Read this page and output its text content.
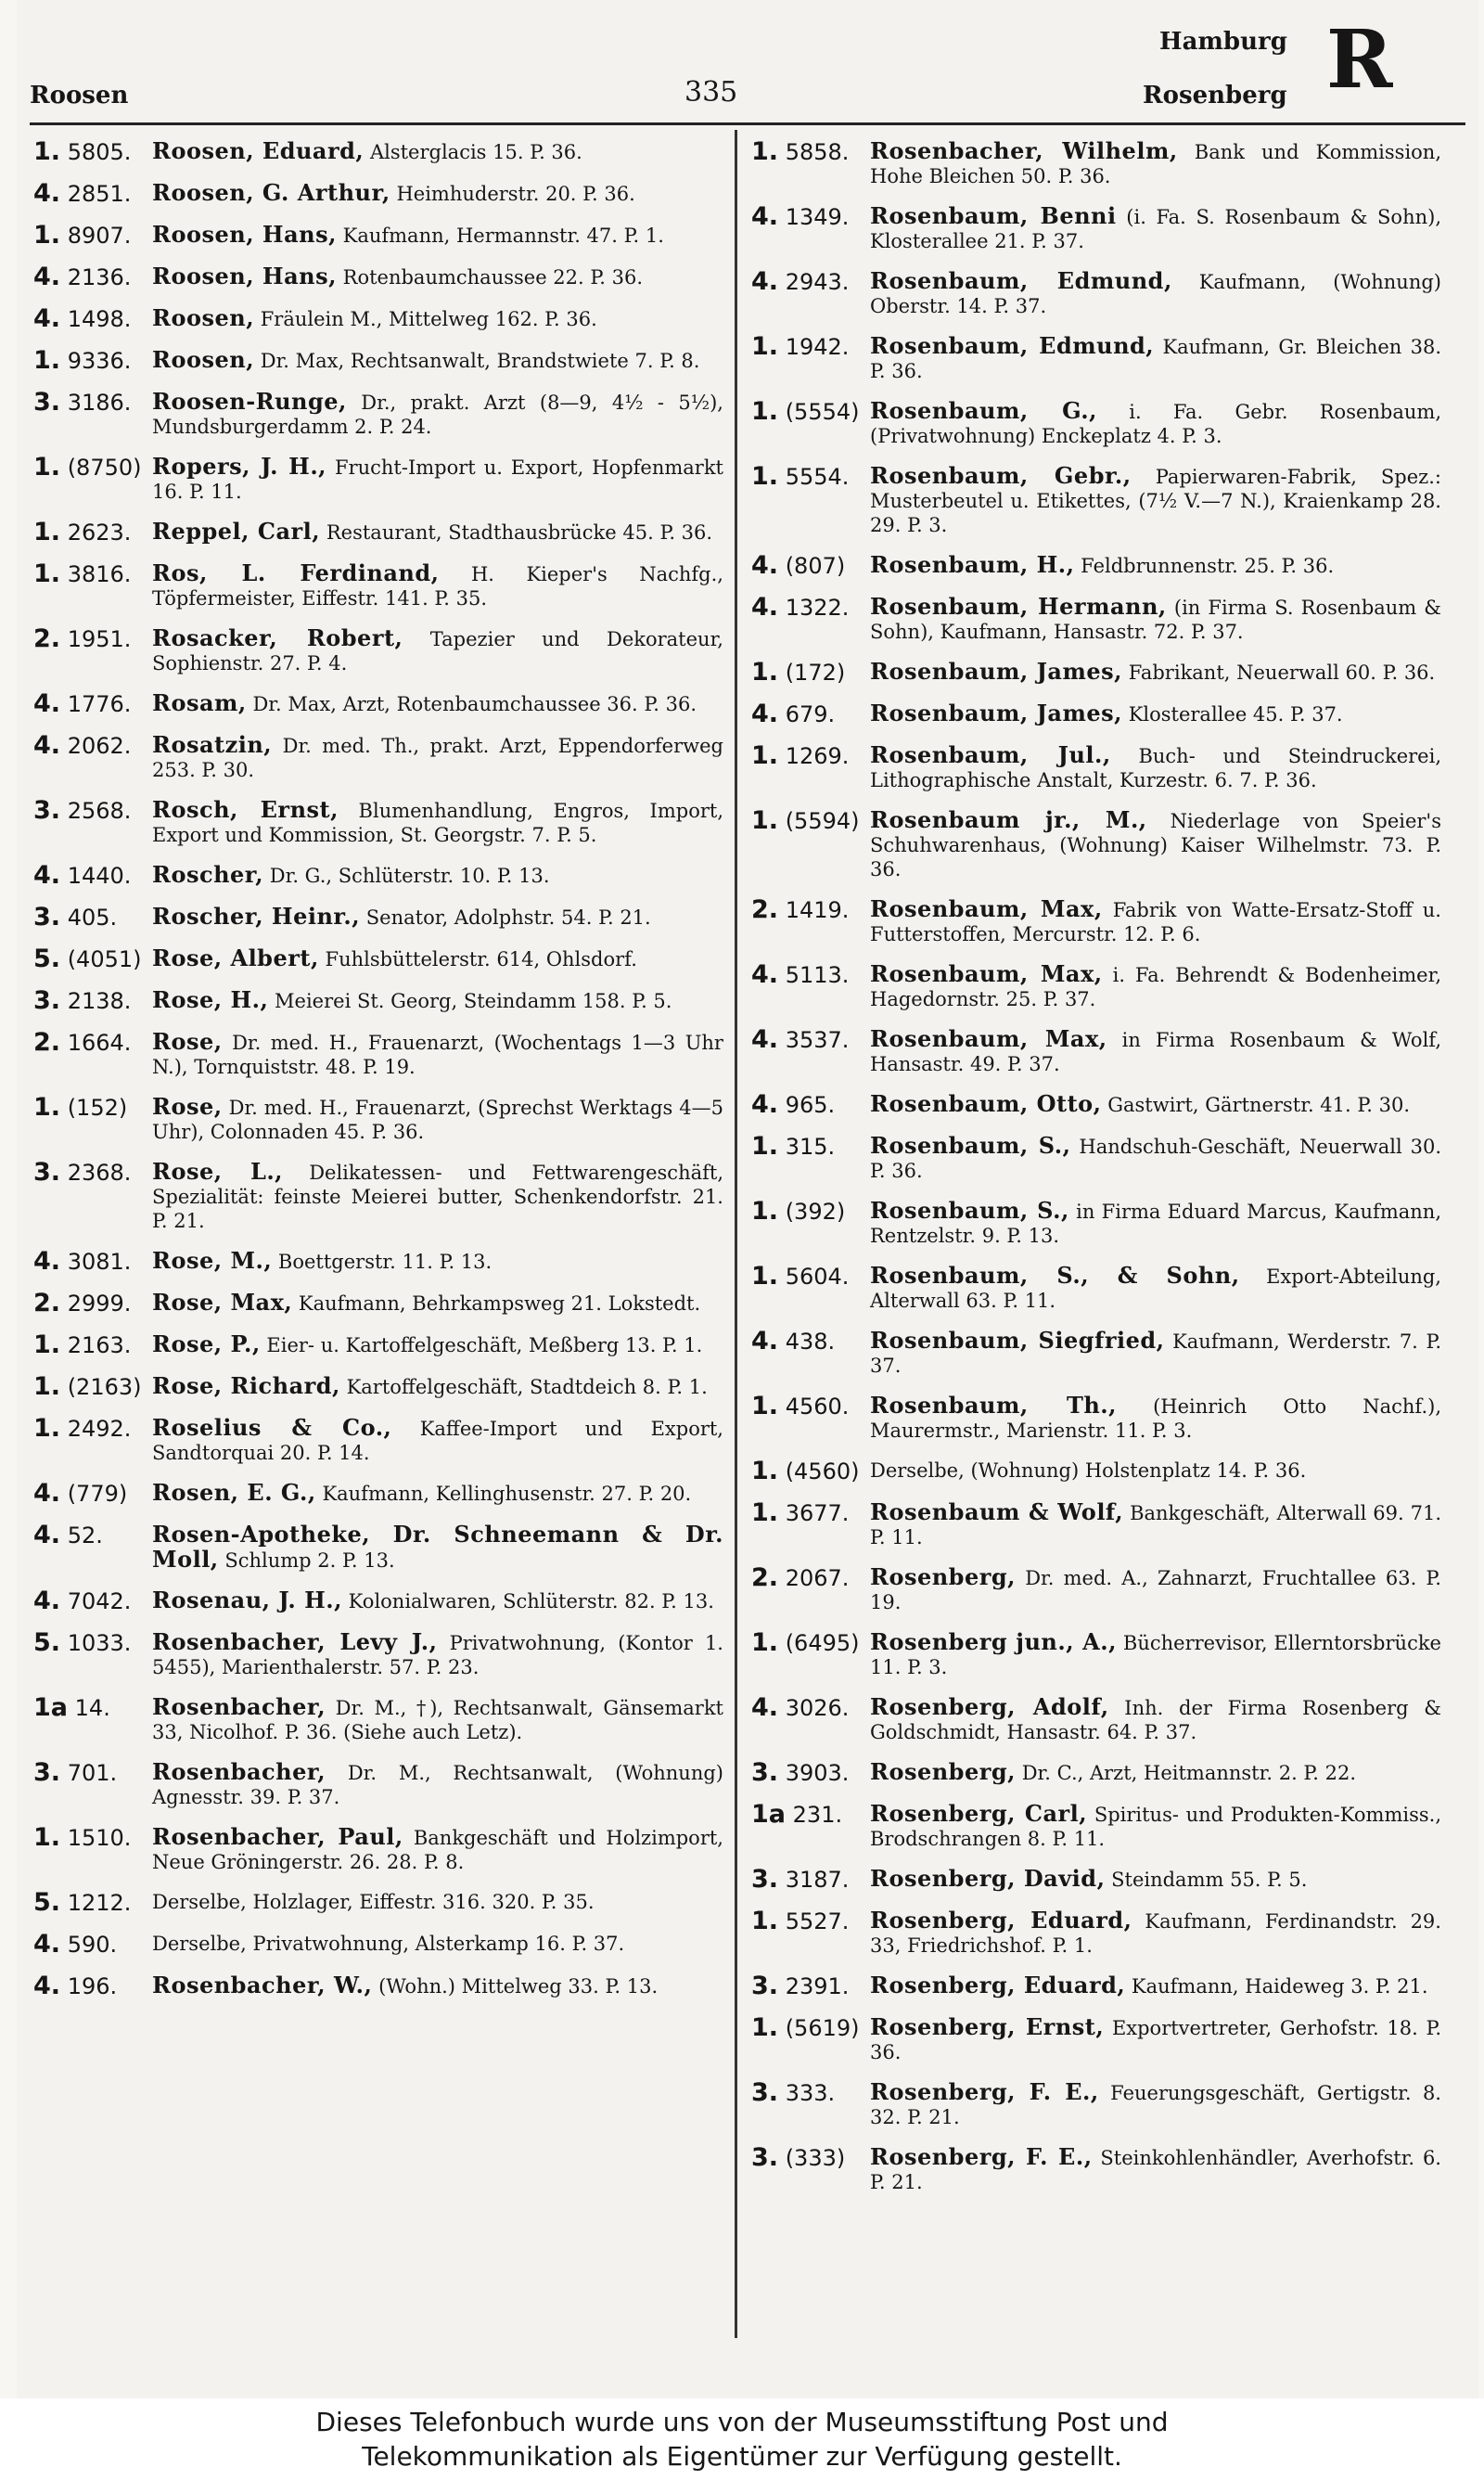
Roosen	335
Hamburg
Rosenberg R
1. 5805. Roosen, Eduard, Alsterglacis 15. P. 36.
4. 2851. Roosen, G. Arthur, Heimhuderstr. 20. P. 36.
1. 8907. Roosen, Hans, Kaufmann, Hermannstr. 47. P. 1.
4. 2136. Roosen, Hans, Rotenbaumchaussee 22. P. 36.
4. 1498. Roosen, Fräulein M., Mittelweg 162. P. 36.
1. 9336. Roosen, Dr. Max, Rechtsanwalt, Brandstwiete 7. P. 8.
3. 3186. Roosen-Runge, Dr., prakt. Arzt (8—9, 4½ - 5½), Mundsburgerdamm 2. P. 24.
1. (8750) Ropers, J. H., Frucht-Import u. Export, Hopfenmarkt 16. P. 11.
1. 2623. Reppel, Carl, Restaurant, Stadthausbrücke 45. P. 36.
1. 3816. Ros, L. Ferdinand, H. Kieper's Nachfg., Töpfermeister, Eiffestr. 141. P. 35.
2. 1951. Rosacker, Robert, Tapezier und Dekorateur, Sophienstr. 27. P. 4.
4. 1776. Rosam, Dr. Max, Arzt, Rotenbaumchaussee 36. P. 36.
4. 2062. Rosatzin, Dr. med. Th., prakt. Arzt, Eppendorferweg 253. P. 30.
3. 2568. Rosch, Ernst, Blumenhandlung, Engros, Import, Export und Kommission, St. Georgstr. 7. P. 5.
4. 1440. Roscher, Dr. G., Schlüterstr. 10. P. 13.
3. 405.	Roscher, Heinr., Senator, Adolphstr. 54. P. 21.
5. (4051) Rose, Albert, Fuhlsbüttelerstr. 614, Ohlsdorf.
3. 2138. Rose, H., Meierei St. Georg, Steindamm 158. P. 5.
2. 1664. Rose, Dr. med. H., Frauenarzt, (Wochentags 1—3 Uhr N.), Tornquiststr. 48. P. 19.
1. (152)	Rose, Dr. med. H., Frauenarzt, (Sprechst Werktags 4—5 Uhr), Colonnaden 45. P. 36.
3. 2368. Rose, L., Delikatessen- und Fettwarengeschäft, Spezialität: feinste Meierei butter, Schenkendorfstr. 21. P. 21.
4. 3081. Rose, M., Boettgerstr. 11. P. 13.
2. 2999. Rose, Max, Kaufmann, Behrkampsweg 21. Lokstedt.
1. 2163. Rose, P., Eier- u. Kartoffelgeschäft, Meßberg 13. P. 1.
1. (2163) Rose, Richard, Kartoffelgeschäft, Stadtdeich 8. P. 1.
1. 2492. Roselius & Co., Kaffee-Import und Export, Sandtorquai 20. P. 14.
4. (779)	Rosen, E. G., Kaufmann, Kellinghusenstr. 27. P. 20.
4. 52.	Rosen-Apotheke, Dr. Schneemann & Dr. Moll, Schlump 2. P. 13.
4. 7042. Rosenau, J. H., Kolonialwaren, Schlüterstr. 82. P. 13.
5. 1033. Rosenbacher, Levy J., Privatwohnung, (Kontor 1. 5455), Marienthalerstr. 57. P. 23.
1a 14.	Rosenbacher, Dr. M., †), Rechtsanwalt, Gänsemarkt 33, Nicolhof. P. 36. (Siehe auch Letz).
3. 701.	Rosenbacher, Dr. M., Rechtsanwalt, (Wohnung) Agnesstr. 39. P. 37.
1. 1510. Rosenbacher, Paul, Bankgeschäft und Holzimport, Neue Gröningerstr. 26. 28. P. 8.
5. 1212.	Derselbe, Holzlager, Eiffestr. 316. 320. P. 35.
4. 590.	Derselbe, Privatwohnung, Alsterkamp 16. P. 37.
4. 196.	Rosenbacher, W., (Wohn.) Mittelweg 33. P. 13.
1. 5858. Rosenbacher, Wilhelm, Bank und Kommission, Hohe Bleichen 50. P. 36.
4. 1349. Rosenbaum, Benni (i. Fa. S. Rosenbaum & Sohn), Klosterallee 21. P. 37.
4. 2943. Rosenbaum, Edmund, Kaufmann, (Wohnung) Oberstr. 14. P. 37.
1. 1942. Rosenbaum, Edmund, Kaufmann, Gr. Bleichen 38. P. 36.
1. (5554) Rosenbaum, G., i. Fa. Gebr. Rosenbaum, (Privatwohnung) Enckeplatz 4. P. 3.
1. 5554. Rosenbaum, Gebr., Papierwaren-Fabrik, Spez.: Musterbeutel u. Etikettes, (7½ V.—7 N.), Kraienkamp 28. 29. P. 3.
4. (807)	Rosenbaum, H., Feldbrunnenstr. 25. P. 36.
4. 1322. Rosenbaum, Hermann, (in Firma S. Rosenbaum & Sohn), Kaufmann, Hansastr. 72. P. 37.
1. (172)	Rosenbaum, James, Fabrikant, Neuerwall 60. P. 36.
4. 679.	Rosenbaum, James, Klosterallee 45. P. 37.
1. 1269. Rosenbaum, Jul., Buch- und Steindruckerei, Lithographische Anstalt, Kurzestr. 6. 7. P. 36.
1. (5594) Rosenbaum jr., M., Niederlage von Speier's Schuhwarenhaus, (Wohnung) Kaiser Wilhelmstr. 73. P. 36.
2. 1419. Rosenbaum, Max, Fabrik von Watte-Ersatz-Stoff u. Futterstoffen, Mercurstr. 12. P. 6.
4. 5113. Rosenbaum, Max, i. Fa. Behrendt & Bodenheimer, Hagedornstr. 25. P. 37.
4. 3537. Rosenbaum, Max, in Firma Rosenbaum & Wolf, Hansastr. 49. P. 37.
4. 965.	Rosenbaum, Otto, Gastwirt, Gärtnerstr. 41. P. 30.
1. 315.	Rosenbaum, S., Handschuh-Geschäft, Neuerwall 30. P. 36.
1. (392)	Rosenbaum, S., in Firma Eduard Marcus, Kaufmann, Rentzelstr. 9. P. 13.
1. 5604. Rosenbaum, S., & Sohn, Export-Abteilung, Alterwall 63. P. 11.
4. 438.	Rosenbaum, Siegfried, Kaufmann, Werderstr. 7. P. 37.
1. 4560. Rosenbaum, Th., (Heinrich Otto Nachf.), Maurermstr., Marienstr. 11. P. 3.
1. (4560) Derselbe, (Wohnung) Holstenplatz 14. P. 36.
1. 3677. Rosenbaum & Wolf, Bankgeschäft, Alterwall 69. 71. P. 11.
2. 2067. Rosenberg, Dr. med. A., Zahnarzt, Fruchtallee 63. P. 19.
1. (6495) Rosenberg jun., A., Bücherrevisor, Ellerntorsbrücke 11. P. 3.
4. 3026. Rosenberg, Adolf, Inh. der Firma Rosenberg & Goldschmidt, Hansastr. 64. P. 37.
3. 3903. Rosenberg, Dr. C., Arzt, Heitmannstr. 2. P. 22.
1a 231.	Rosenberg, Carl, Spiritus- und Produkten-Kommiss., Brodschrangen 8. P. 11.
3. 3187. Rosenberg, David, Steindamm 55. P. 5.
1. 5527. Rosenberg, Eduard, Kaufmann, Ferdinandstr. 29. 33, Friedrichshof. P. 1.
3. 2391. Rosenberg, Eduard, Kaufmann, Haideweg 3. P. 21.
1. (5619) Rosenberg, Ernst, Exportvertreter, Gerhofstr. 18. P. 36.
3. 333.	Rosenberg, F. E., Feuerungsgeschäft, Gertigstr. 8. 32. P. 21.
3. (333)	Rosenberg, F. E., Steinkohlenhändler, Averhofstr. 6. P. 21.
Dieses Telefonbuch wurde uns von der Museumsstiftung Post und
Telekommunikation als Eigentümer zur Verfügung gestellt.
